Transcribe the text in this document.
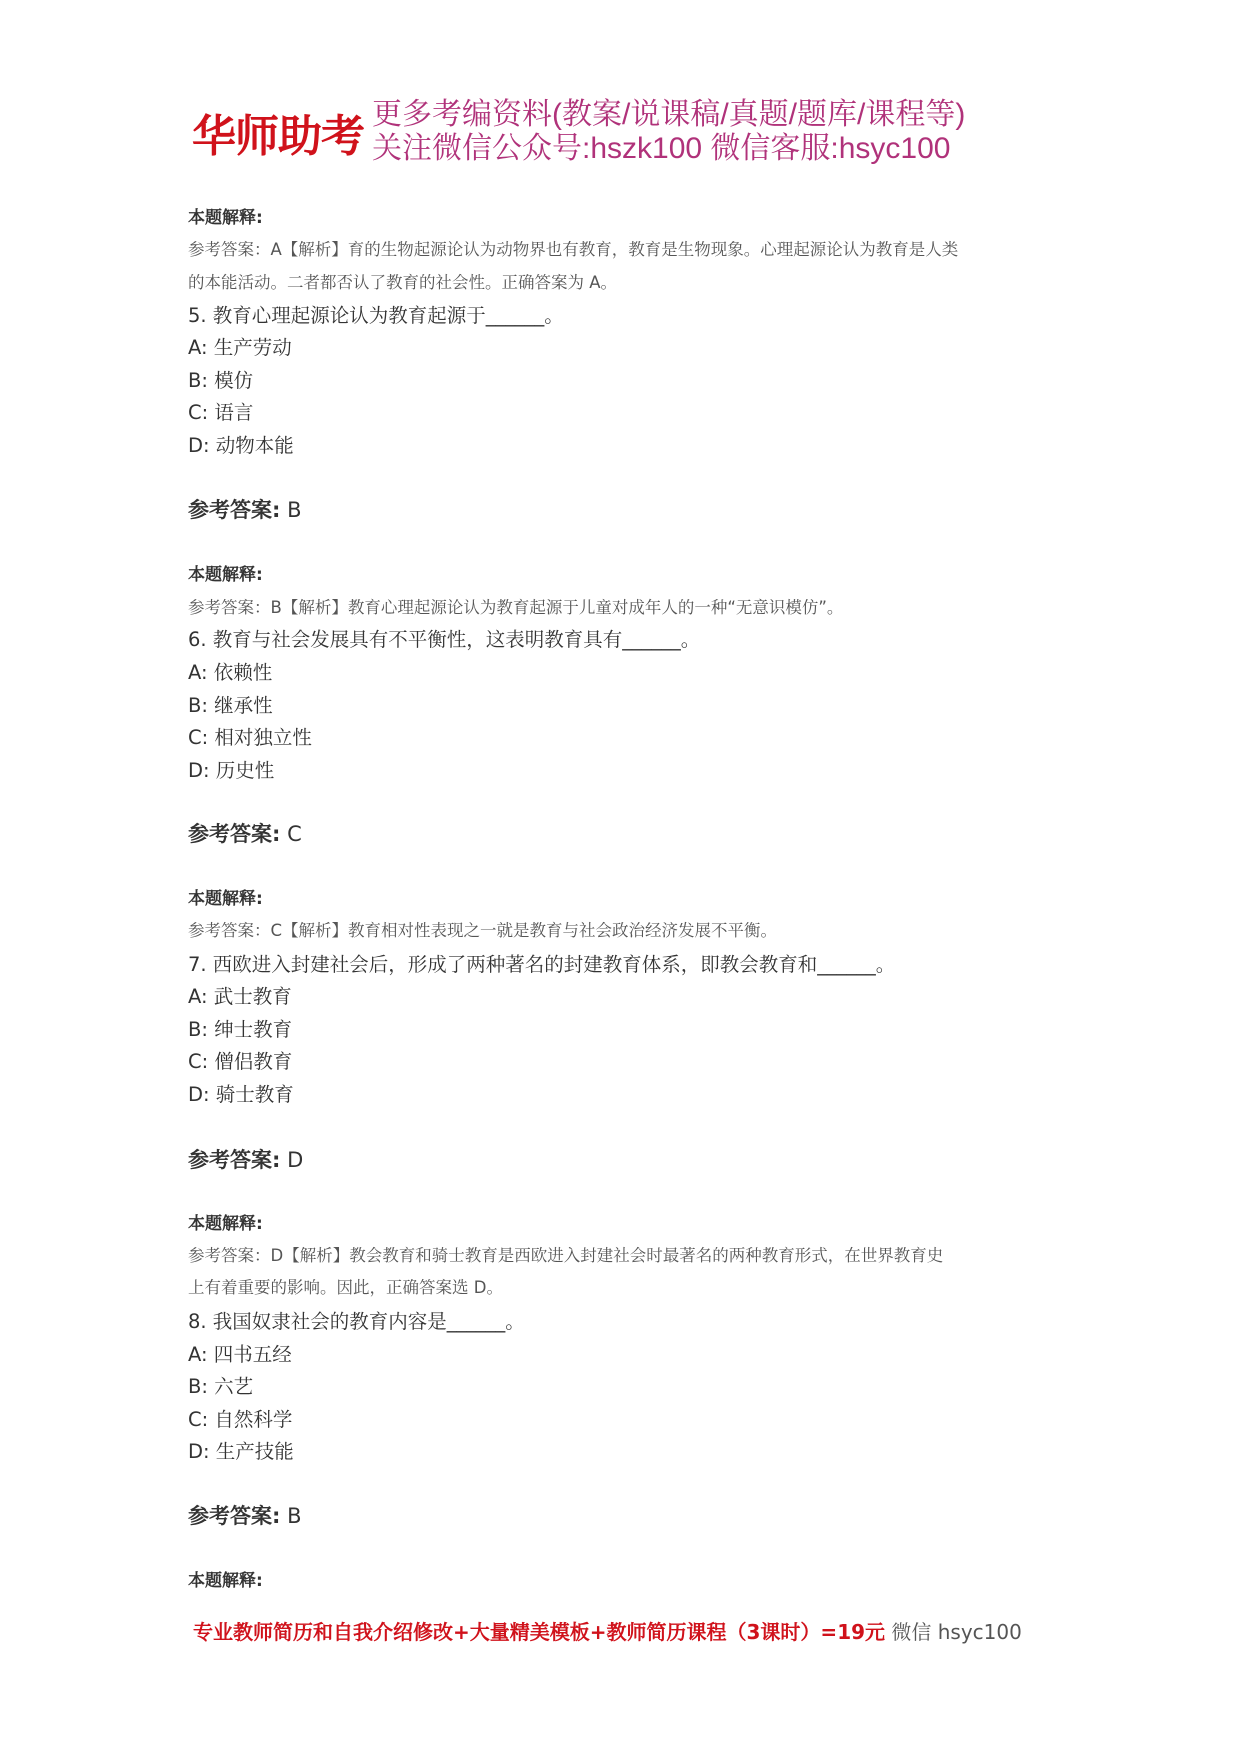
华师助考 更多考编资料(教案/说课稿/真题/题库/课程等)
关注微信公众号:hszk100 微信客服:hsyc100
本题解释:
参考答案：A【解析】育的生物起源论认为动物界也有教育，教育是生物现象。心理起源论认为教育是人类
的本能活动。二者都否认了教育的社会性。正确答案为 A。
5. 教育心理起源论认为教育起源于______。
A: 生产劳动
B: 模仿
C: 语言
D: 动物本能
参考答案: B
本题解释:
参考答案：B【解析】教育心理起源论认为教育起源于儿童对成年人的一种“无意识模仿”。
6. 教育与社会发展具有不平衡性，这表明教育具有______。
A: 依赖性
B: 继承性
C: 相对独立性
D: 历史性
参考答案: C
本题解释:
参考答案：C【解析】教育相对性表现之一就是教育与社会政治经济发展不平衡。
7. 西欧进入封建社会后，形成了两种著名的封建教育体系，即教会教育和______。
A: 武士教育
B: 绅士教育
C: 僧侣教育
D: 骑士教育
参考答案: D
本题解释:
参考答案：D【解析】教会教育和骑士教育是西欧进入封建社会时最著名的两种教育形式，在世界教育史
上有着重要的影响。因此，正确答案选 D。
8. 我国奴隶社会的教育内容是______。
A: 四书五经
B: 六艺
C: 自然科学
D: 生产技能
参考答案: B
本题解释:
专业教师简历和自我介绍修改+大量精美模板+教师简历课程（3课时）=19元 微信 hsyc100
